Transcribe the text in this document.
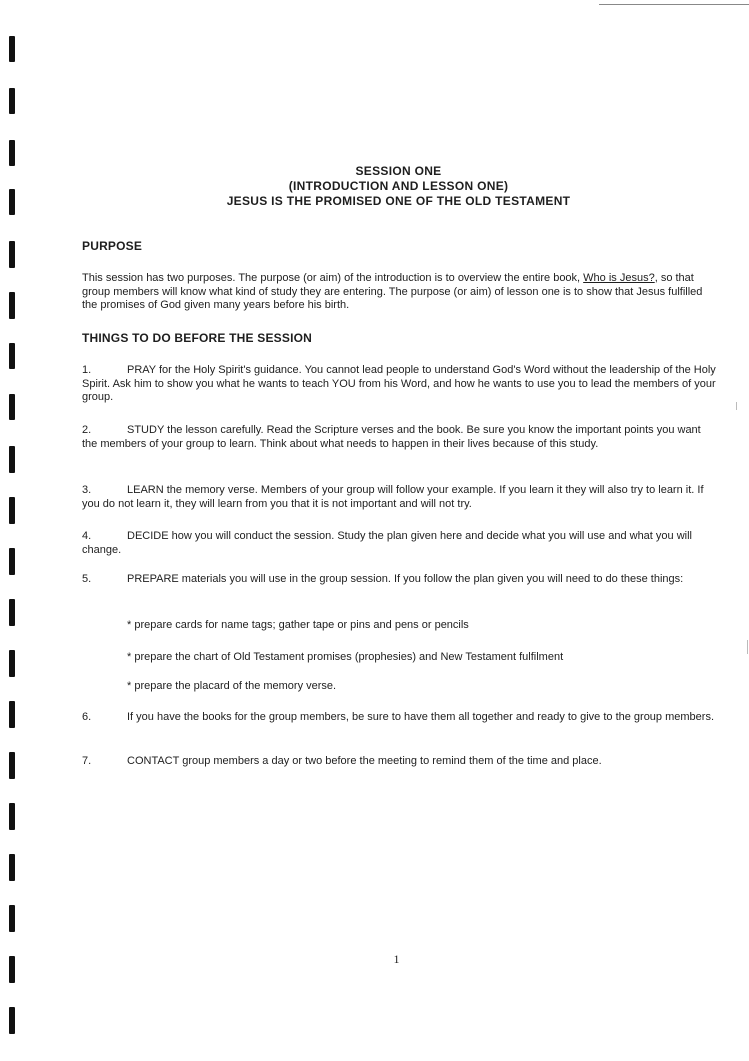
SESSION ONE
(INTRODUCTION AND LESSON ONE)
JESUS IS THE PROMISED ONE OF THE OLD TESTAMENT
PURPOSE
This session has two purposes. The purpose (or aim) of the introduction is to overview the entire book, Who is Jesus?, so that group members will know what kind of study they are entering. The purpose (or aim) of lesson one is to show that Jesus fulfilled the promises of God given many years before his birth.
THINGS TO DO BEFORE THE SESSION
1.	PRAY for the Holy Spirit's guidance. You cannot lead people to understand God's Word without the leadership of the Holy Spirit. Ask him to show you what he wants to teach YOU from his Word, and how he wants to use you to lead the members of your group.
2.	STUDY the lesson carefully. Read the Scripture verses and the book. Be sure you know the important points you want the members of your group to learn. Think about what needs to happen in their lives because of this study.
3.	LEARN the memory verse. Members of your group will follow your example. If you learn it they will also try to learn it. If you do not learn it, they will learn from you that it is not important and will not try.
4.	DECIDE how you will conduct the session. Study the plan given here and decide what you will use and what you will change.
5.	PREPARE materials you will use in the group session. If you follow the plan given you will need to do these things:
* prepare cards for name tags; gather tape or pins and pens or pencils
* prepare the chart of Old Testament promises (prophesies) and New Testament fulfilment
* prepare the placard of the memory verse.
6.	If you have the books for the group members, be sure to have them all together and ready to give to the group members.
7.	CONTACT group members a day or two before the meeting to remind them of the time and place.
1
